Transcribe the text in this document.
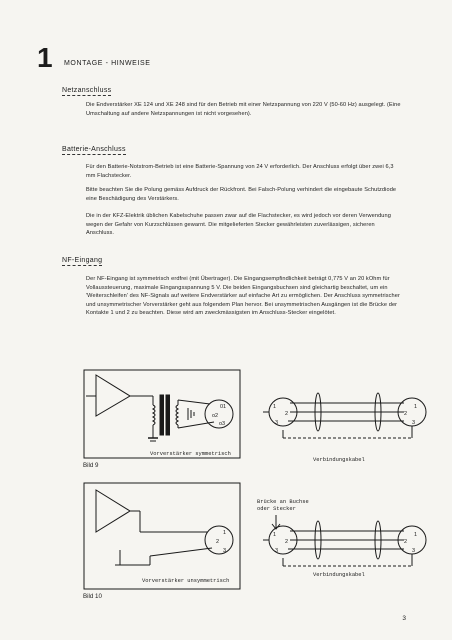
1 MONTAGE - HINWEISE
Netzanschluss
Die Endverstärker XE 124 und XE 248 sind für den Betrieb mit einer Netzspannung von 220 V (50-60 Hz) ausgelegt. (Eine Umschaltung auf andere Netzspannungen ist nicht vorgesehen).
Batterie-Anschluss
Für den Batterie-Notstrom-Betrieb ist eine Batterie-Spannung von 24 V erforderlich. Der Anschluss erfolgt über zwei 6,3 mm Flachstecker.
Bitte beachten Sie die Polung gemäss Aufdruck der Rückfront. Bei Falsch-Polung verhindert die eingebaute Schutzdiode eine Beschädigung des Verstärkers.
Die in der KFZ-Elektrik üblichen Kabelschuhe passen zwar auf die Flachstecker, es wird jedoch vor deren Verwendung wegen der Gefahr von Kurzschlüssen gewarnt. Die mitgelieferten Stecker gewährleisten zuverlässigen, sicheren Anschluss.
NF-Eingang
Der NF-Eingang ist symmetrisch erdfrei (mit Übertrager). Die Eingangsempfindlichkeit beträgt 0,775 V an 20 kOhm für Vollaussteuerung, maximale Eingangsspannung 5 V. Die beiden Eingangsbuchsen sind gleichartig beschaltet, um ein 'Weiterschleifen' des NF-Signals auf weitere Endverstärker auf einfache Art zu ermöglichen. Der Anschluss symmetrischer und unsymmetrischer Vorverstärker geht aus folgendem Plan hervor. Bei unsymmetrischen Ausgängen ist die Brücke der Kontakte 1 und 2 zu beachten. Diese wird am zweckmässigsten im Anschluss-Stecker eingelötet.
01
o2
o3
1
2
3
1
2
3
1
2
3
1
2
3
1
2
3
Vorverstärker symmetrisch
Verbindungskabel
Bild 9
Brücke an Buchse
oder Stecker
Vorverstärker unsymmetrisch
Verbindungskabel
Bild 10
3
